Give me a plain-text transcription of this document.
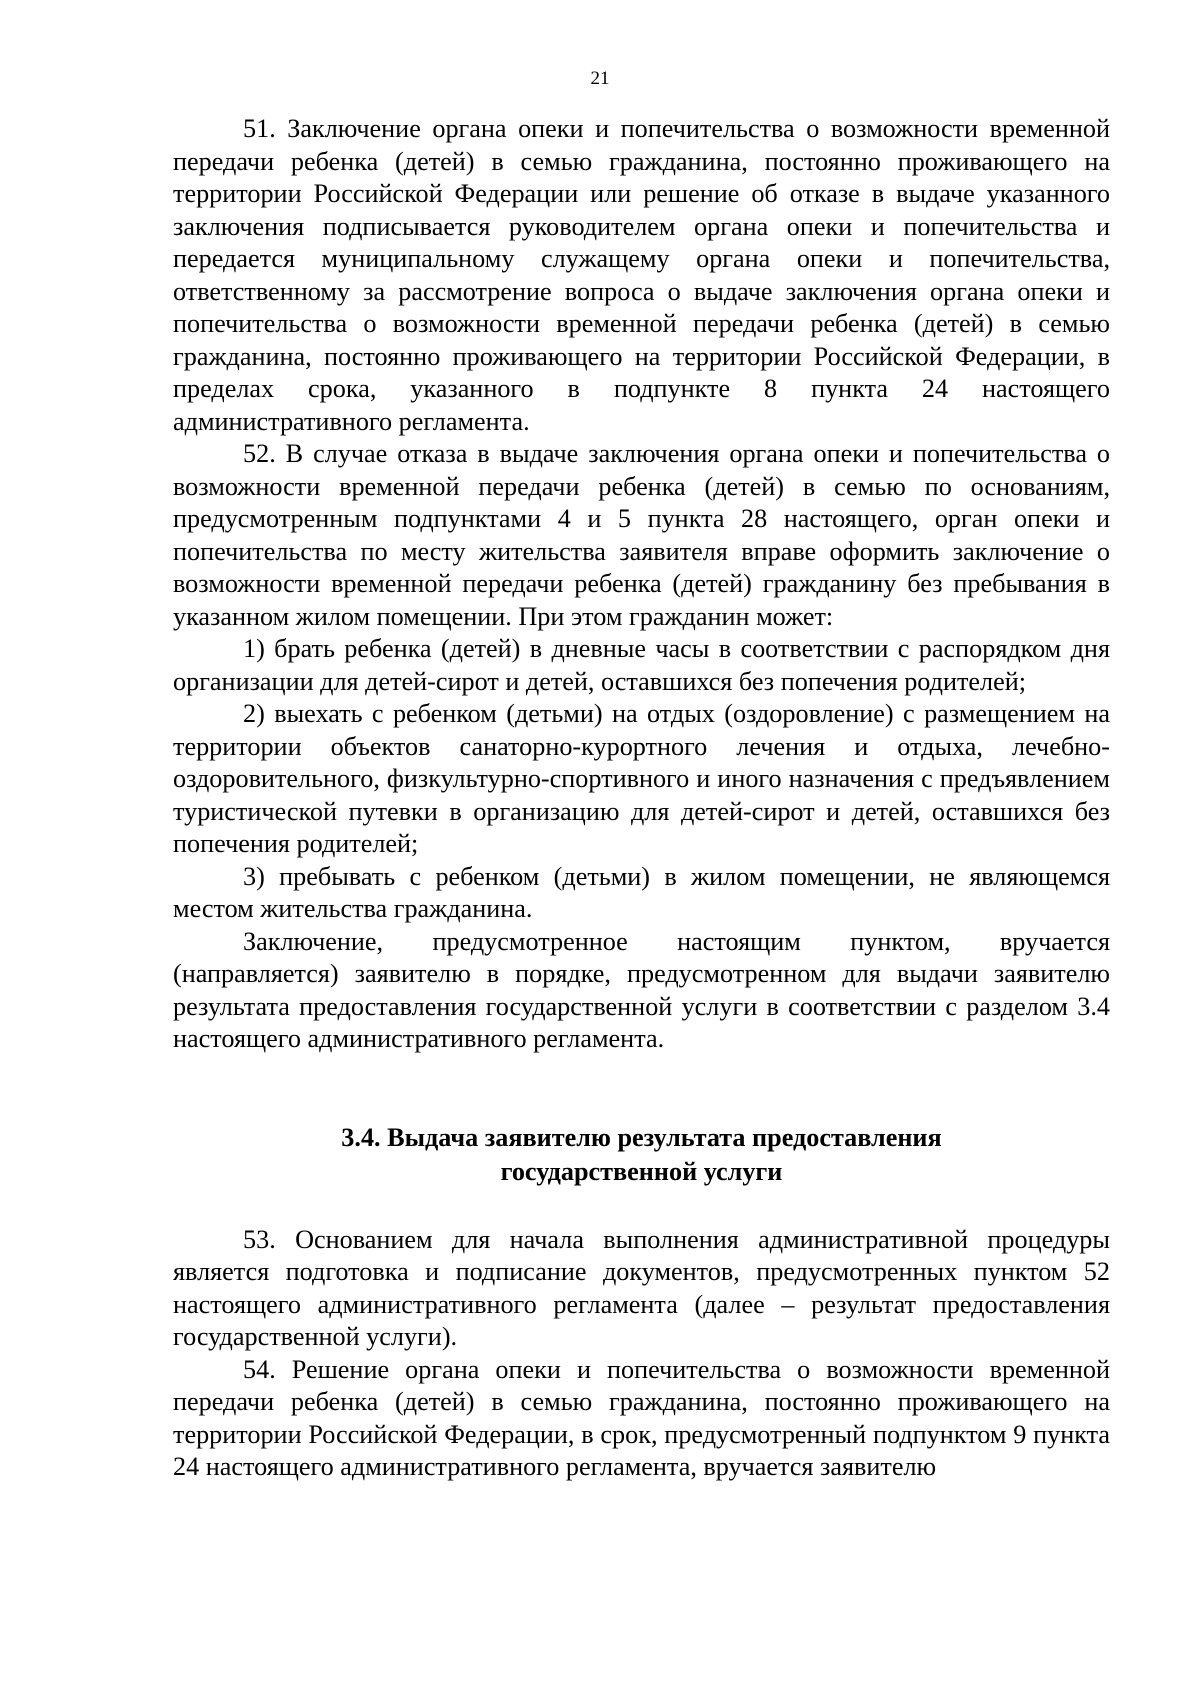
21

51. Заключение органа опеки и попечительства о возможности временной передачи ребенка (детей) в семью гражданина, постоянно проживающего на территории Российской Федерации или решение об отказе в выдаче указанного заключения подписывается руководителем органа опеки и попечительства и передается муниципальному служащему органа опеки и попечительства, ответственному за рассмотрение вопроса о выдаче заключения органа опеки и попечительства о возможности временной передачи ребенка (детей) в семью гражданина, постоянно проживающего на территории Российской Федерации, в пределах срока, указанного в подпункте 8 пункта 24 настоящего административного регламента.

52. В случае отказа в выдаче заключения органа опеки и попечительства о возможности временной передачи ребенка (детей) в семью по основаниям, предусмотренным подпунктами 4 и 5 пункта 28 настоящего, орган опеки и попечительства по месту жительства заявителя вправе оформить заключение о возможности временной передачи ребенка (детей) гражданину без пребывания в указанном жилом помещении. При этом гражданин может:

1) брать ребенка (детей) в дневные часы в соответствии с распорядком дня организации для детей-сирот и детей, оставшихся без попечения родителей;

2) выехать с ребенком (детьми) на отдых (оздоровление) с размещением на территории объектов санаторно-курортного лечения и отдыха, лечебно-оздоровительного, физкультурно-спортивного и иного назначения с предъявлением туристической путевки в организацию для детей-сирот и детей, оставшихся без попечения родителей;

3) пребывать с ребенком (детьми) в жилом помещении, не являющемся местом жительства гражданина.

Заключение, предусмотренное настоящим пунктом, вручается (направляется) заявителю в порядке, предусмотренном для выдачи заявителю результата предоставления государственной услуги в соответствии с разделом 3.4 настоящего административного регламента.

3.4. Выдача заявителю результата предоставления
государственной услуги

53. Основанием для начала выполнения административной процедуры является подготовка и подписание документов, предусмотренных пунктом 52 настоящего административного регламента (далее – результат предоставления государственной услуги).

54. Решение органа опеки и попечительства о возможности временной передачи ребенка (детей) в семью гражданина, постоянно проживающего на территории Российской Федерации, в срок, предусмотренный подпунктом 9 пункта 24 настоящего административного регламента, вручается заявителю
